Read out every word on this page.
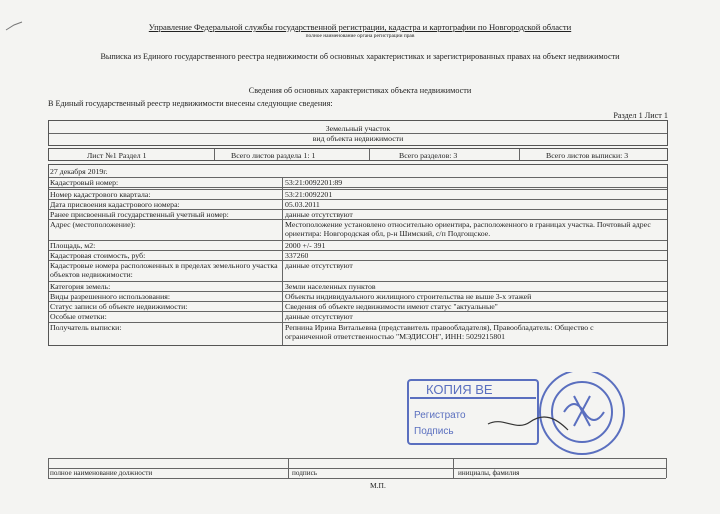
Управление Федеральной службы государственной регистрации, кадастра и картографии по Новгородской области
полное наименование органа регистрации прав
Выписка из Единого государственного реестра недвижимости об основных характеристиках и зарегистрированных правах на объект недвижимости
Сведения об основных характеристиках объекта недвижимости
В Единый государственный реестр недвижимости внесены следующие сведения:
Раздел 1 Лист 1
Земельный участок
вид объекта недвижимости
Лист №1 Раздел 1	Всего листов раздела 1: 1	Всего разделов: 3	Всего листов выписки: 3
27 декабря 2019г.
Кадастровый номер:	53:21:0092201:89
Номер кадастрового квартала:	53:21:0092201
Дата присвоения кадастрового номера:	05.03.2011
Ранее присвоенный государственный учетный номер:	данные отсутствуют
Адрес (местоположение):	Местоположение установлено относительно ориентира, расположенного в границах участка. Почтовый адрес ориентира: Новгородская обл, р-н Шимский, с/п Подгощское.
Площадь, м2:	2000 +/- 391
Кадастровая стоимость, руб:	337260
Кадастровые номера расположенных в пределах земельного участка объектов недвижимости:
данные отсутствуют
Категория земель:	Земли населенных пунктов
Виды разрешенного использования:	Объекты индивидуального жилищного строительства не выше 3-х этажей
Статус записи об объекте недвижимости:	Сведения об объекте недвижимости имеют статус "актуальные"
Особые отметки:	данные отсутствуют
Получатель выписки:	Репнина Ирина Витальевна (представитель правообладателя), Правообладатель: Общество с ограниченной ответственностью "МЭДИСОН", ИНН: 5029215801
КОПИЯ ВЕ
Регистрато
Подпись
полное наименование должности	подпись	инициалы, фамилия
М.П.
